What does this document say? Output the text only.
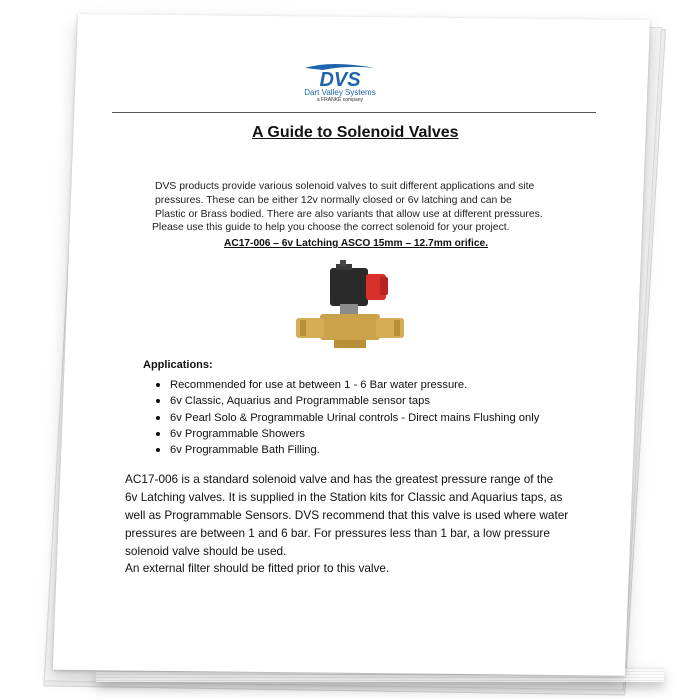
DVS
Dart Valley Systems
a FRANKE company
A Guide to Solenoid Valves
DVS products provide various solenoid valves to suit different applications and site
pressures. These can be either 12v normally closed or 6v latching and can be
Plastic or Brass bodied. There are also variants that allow use at different pressures.
Please use this guide to help you choose the correct solenoid for your project.
AC17-006 – 6v Latching ASCO 15mm – 12.7mm orifice.
Applications:
Recommended for use at between 1 - 6 Bar water pressure.
6v Classic, Aquarius and Programmable sensor taps
6v Pearl Solo & Programmable Urinal controls - Direct mains Flushing only
6v Programmable Showers
6v Programmable Bath Filling.
AC17-006 is a standard solenoid valve and has the greatest pressure range of the
6v Latching valves. It is supplied in the Station kits for Classic and Aquarius taps, as
well as Programmable Sensors. DVS recommend that this valve is used where water
pressures are between 1 and 6 bar. For pressures less than 1 bar, a low pressure
solenoid valve should be used.
An external filter should be fitted prior to this valve.
